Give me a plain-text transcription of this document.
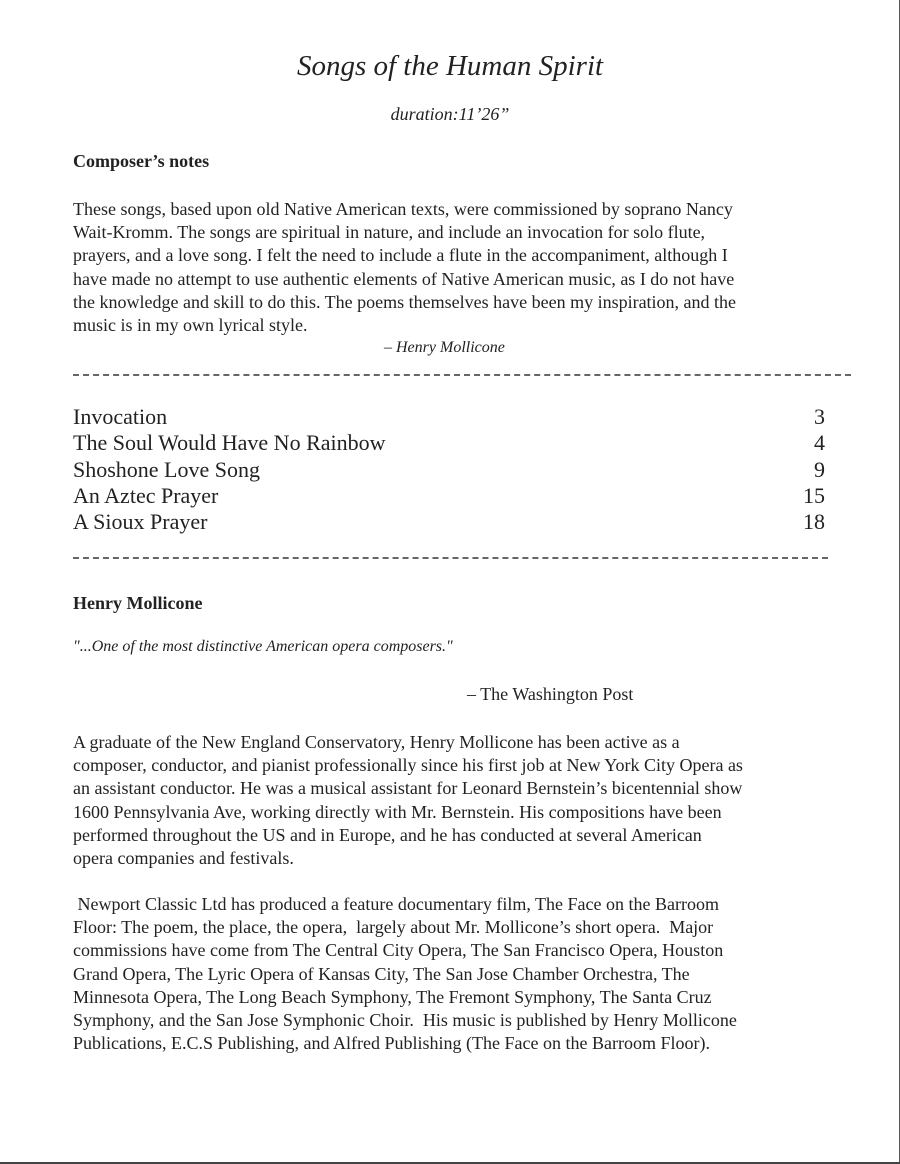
Songs of the Human Spirit
duration:11’26”
Composer’s notes

These songs, based upon old Native American texts, were commissioned by soprano Nancy
Wait-Kromm. The songs are spiritual in nature, and include an invocation for solo flute,
prayers, and a love song. I felt the need to include a flute in the accompaniment, although I
have made no attempt to use authentic elements of Native American music, as I do not have
the knowledge and skill to do this. The poems themselves have been my inspiration, and the
music is in my own lyrical style.

– Henry Mollicone
Invocation	3
The Soul Would Have No Rainbow	4
Shoshone Love Song	9
An Aztec Prayer	15
A Sioux Prayer	18
Henry Mollicone
"...One of the most distinctive American opera composers."
– The Washington Post

A graduate of the New England Conservatory, Henry Mollicone has been active as a
composer, conductor, and pianist professionally since his first job at New York City Opera as
an assistant conductor. He was a musical assistant for Leonard Bernstein’s bicentennial show
1600 Pennsylvania Ave, working directly with Mr. Bernstein. His compositions have been
performed throughout the US and in Europe, and he has conducted at several American
opera companies and festivals.

Newport Classic Ltd has produced a feature documentary film, The Face on the Barroom
Floor: The poem, the place, the opera,  largely about Mr. Mollicone’s short opera.  Major
commissions have come from The Central City Opera, The San Francisco Opera, Houston
Grand Opera, The Lyric Opera of Kansas City, The San Jose Chamber Orchestra, The
Minnesota Opera, The Long Beach Symphony, The Fremont Symphony, The Santa Cruz
Symphony, and the San Jose Symphonic Choir.  His music is published by Henry Mollicone
Publications, E.C.S Publishing, and Alfred Publishing (The Face on the Barroom Floor).
